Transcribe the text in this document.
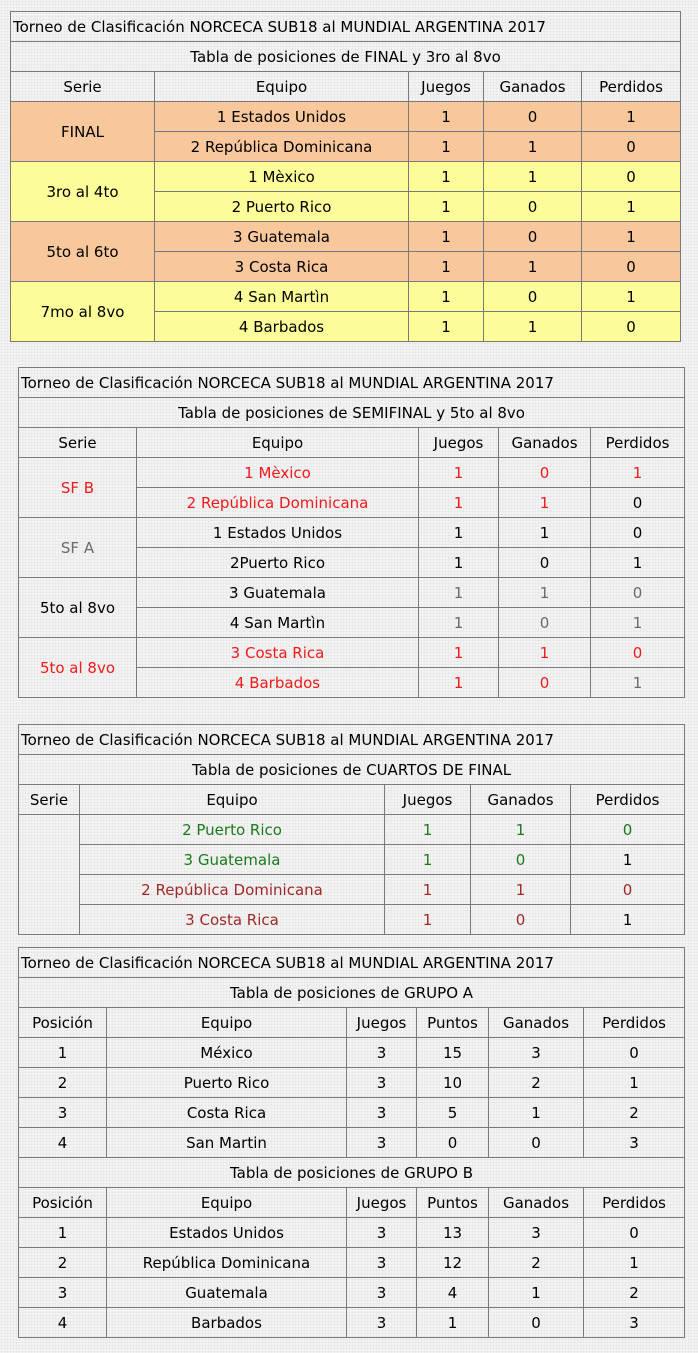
Torneo de Clasificación NORCECA SUB18 al MUNDIAL ARGENTINA 2017				
Tabla de posiciones de FINAL y 3ro al 8vo				
Serie	Equipo	Juegos	Ganados	Perdidos
FINAL	1 Estados Unidos	1	0	1
	2 República Dominicana	1	1	0
3ro al 4to	1 Mèxico	1	1	0
	2 Puerto Rico	1	0	1
5to al 6to	3 Guatemala	1	0	1
	3 Costa Rica	1	1	0
7mo al 8vo	4 San Martìn	1	0	1
	4 Barbados	1	1	0
Torneo de Clasificación NORCECA SUB18 al MUNDIAL ARGENTINA 2017				
Tabla de posiciones de SEMIFINAL y 5to al 8vo				
Serie	Equipo	Juegos	Ganados	Perdidos
SF B	1 Mèxico	1	0	1
	2 República Dominicana	1	1	0
SF A	1 Estados Unidos	1	1	0
	2Puerto Rico	1	0	1
5to al 8vo	3 Guatemala	1	1	0
	4 San Martìn	1	0	1
5to al 8vo	3 Costa Rica	1	1	0
	4 Barbados	1	0	1
Torneo de Clasificación NORCECA SUB18 al MUNDIAL ARGENTINA 2017				
Tabla de posiciones de CUARTOS DE FINAL				
Serie	Equipo	Juegos	Ganados	Perdidos
	2 Puerto Rico	1	1	0
	3 Guatemala	1	0	1
	2 República Dominicana	1	1	0
	3 Costa Rica	1	0	1
Torneo de Clasificación NORCECA SUB18 al MUNDIAL ARGENTINA 2017					
Tabla de posiciones de GRUPO A					
Posición	Equipo	Juegos	Puntos	Ganados	Perdidos
1	México	3	15	3	0
2	Puerto Rico	3	10	2	1
3	Costa Rica	3	5	1	2
4	San Martin	3	0	0	3
Tabla de posiciones de GRUPO B					
Posición	Equipo	Juegos	Puntos	Ganados	Perdidos
1	Estados Unidos	3	13	3	0
2	República Dominicana	3	12	2	1
3	Guatemala	3	4	1	2
4	Barbados	3	1	0	3
